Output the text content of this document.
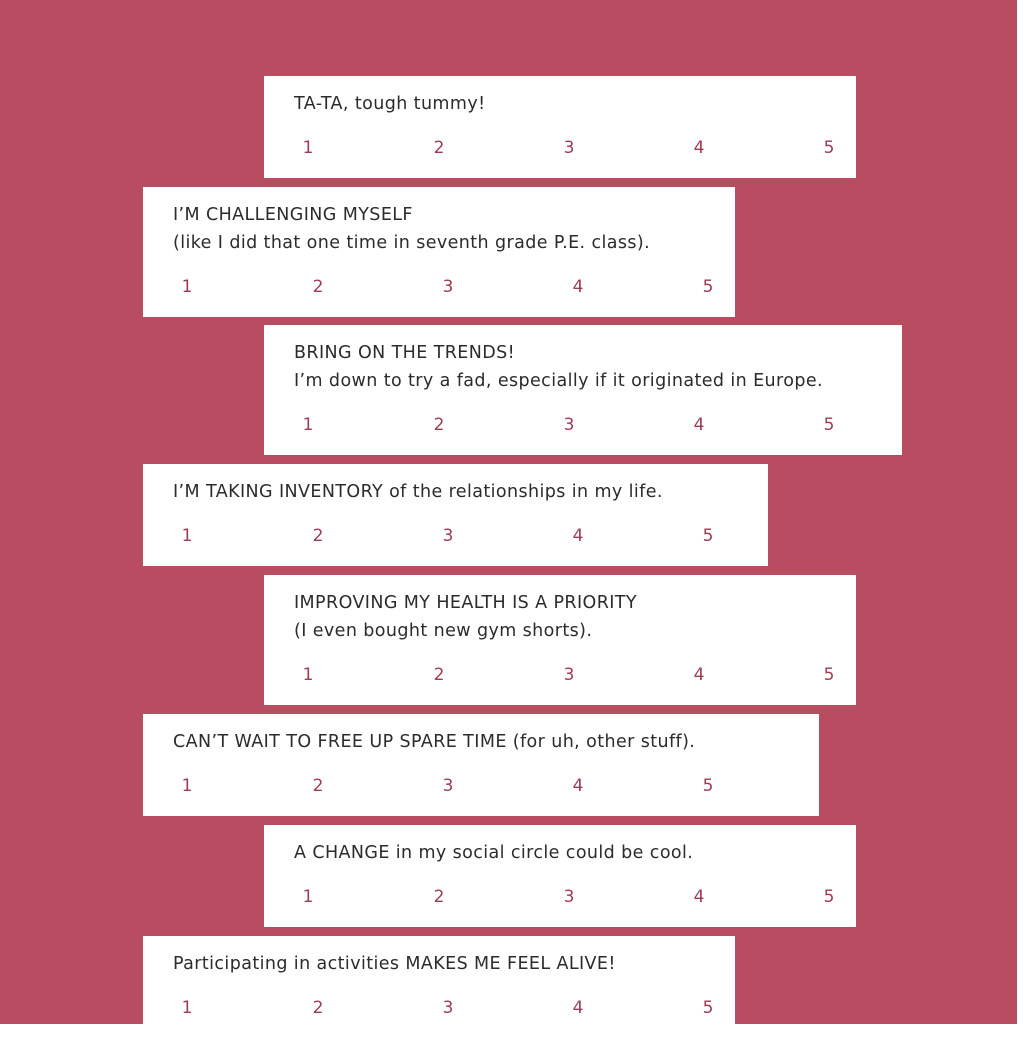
TA-TA, tough tummy!
1	2	3	4	5
I’M CHALLENGING MYSELF
(like I did that one time in seventh grade P.E. class).
1	2	3	4	5
BRING ON THE TRENDS!
I’m down to try a fad, especially if it originated in Europe.
1	2	3	4	5
I’M TAKING INVENTORY of the relationships in my life.
1	2	3	4	5
IMPROVING MY HEALTH IS A PRIORITY
(I even bought new gym shorts).
1	2	3	4	5
CAN’T WAIT TO FREE UP SPARE TIME (for uh, other stuff).
1	2	3	4	5
A CHANGE in my social circle could be cool.
1	2	3	4	5
Participating in activities MAKES ME FEEL ALIVE!
1	2	3	4	5
